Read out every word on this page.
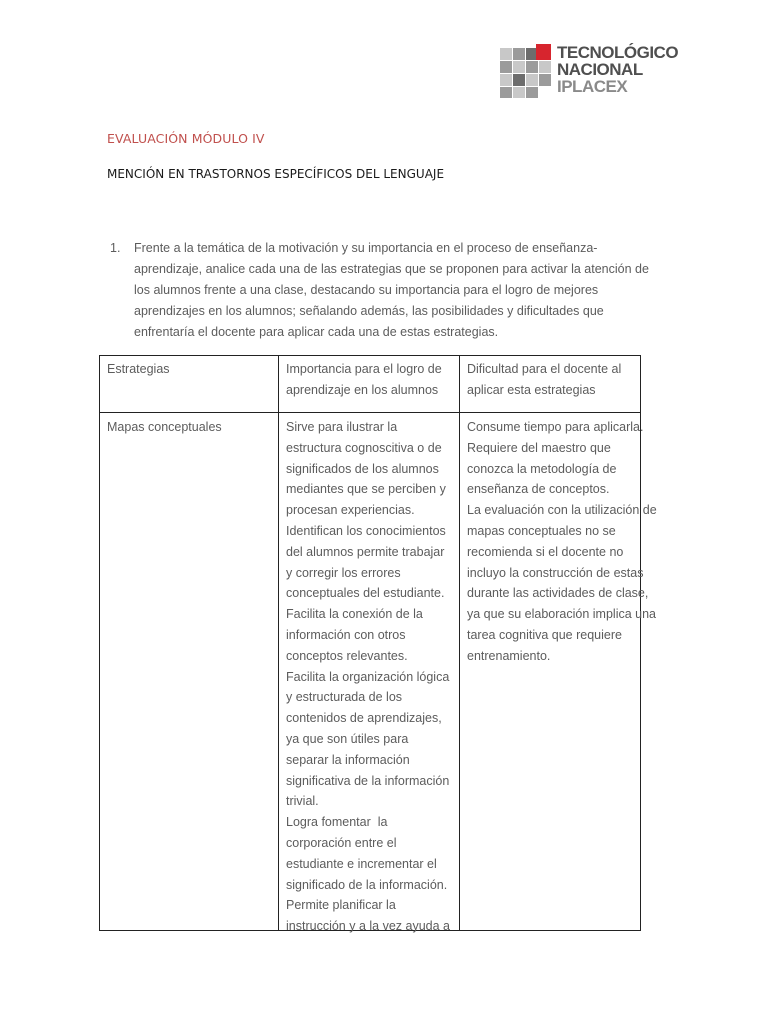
TECNOLÓGICO
NACIONAL
IPLACEX
EVALUACIÓN MÓDULO IV
MENCIÓN EN TRASTORNOS ESPECÍFICOS DEL LENGUAJE
1. Frente a la temática de la motivación y su importancia en el proceso de enseñanza-
aprendizaje, analice cada una de las estrategias que se proponen para activar la atención de
los alumnos frente a una clase, destacando su importancia para el logro de mejores
aprendizajes en los alumnos; señalando además, las posibilidades y dificultades que
enfrentaría el docente para aplicar cada una de estas estrategias.
Estrategias	Importancia para el logro de
aprendizaje en los alumnos
Dificultad para el docente al
aplicar esta estrategias
Mapas conceptuales	Sirve para ilustrar la
estructura cognoscitiva o de
significados de los alumnos
mediantes que se perciben y
procesan experiencias.
Identifican los conocimientos
del alumnos permite trabajar
y corregir los errores
conceptuales del estudiante.
Facilita la conexión de la
información con otros
conceptos relevantes.
Facilita la organización lógica
y estructurada de los
contenidos de aprendizajes,
ya que son útiles para
separar la información
significativa de la información
trivial.
Logra fomentar  la
corporación entre el
estudiante e incrementar el
significado de la información.
Permite planificar la
instrucción y a la vez ayuda a
Consume tiempo para aplicarla.
Requiere del maestro que
conozca la metodología de
enseñanza de conceptos.
La evaluación con la utilización de
mapas conceptuales no se
recomienda si el docente no
incluyo la construcción de estas
durante las actividades de clase,
ya que su elaboración implica una
tarea cognitiva que requiere
entrenamiento.
